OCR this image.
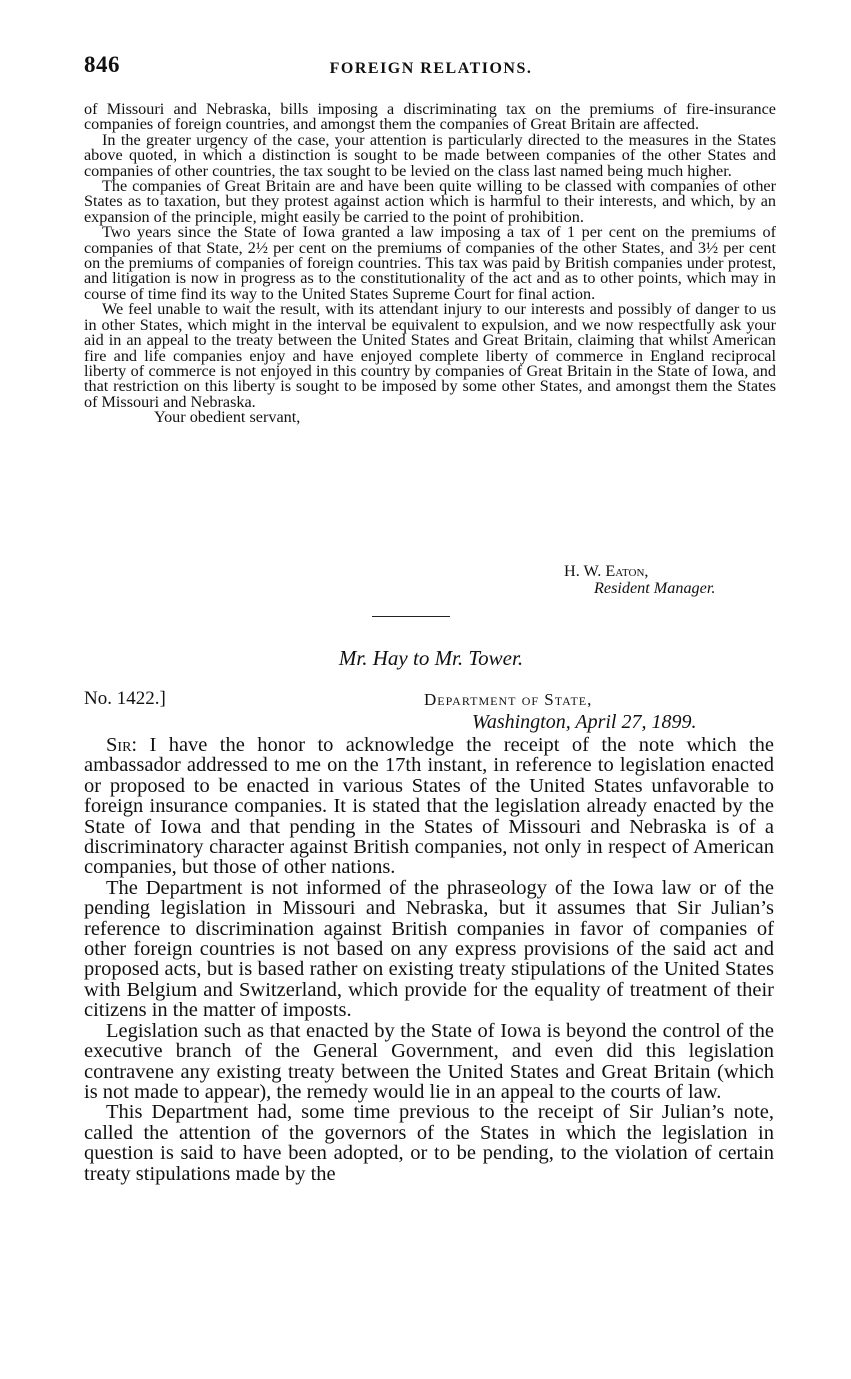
846	FOREIGN RELATIONS.

of Missouri and Nebraska, bills imposing a discriminating tax on the premiums of fire-insurance companies of foreign countries, and amongst them the companies of Great Britain are affected.

In the greater urgency of the case, your attention is particularly directed to the measures in the States above quoted, in which a distinction is sought to be made between companies of the other States and companies of other countries, the tax sought to be levied on the class last named being much higher.

The companies of Great Britain are and have been quite willing to be classed with companies of other States as to taxation, but they protest against action which is harmful to their interests, and which, by an expansion of the principle, might easily be carried to the point of prohibition.

Two years since the State of Iowa granted a law imposing a tax of 1 per cent on the premiums of companies of that State, 2½ per cent on the premiums of companies of the other States, and 3½ per cent on the premiums of companies of foreign countries. This tax was paid by British companies under protest, and litigation is now in progress as to the constitutionality of the act and as to other points, which may in course of time find its way to the United States Supreme Court for final action.

We feel unable to wait the result, with its attendant injury to our interests and possibly of danger to us in other States, which might in the interval be equivalent to expulsion, and we now respectfully ask your aid in an appeal to the treaty between the United States and Great Britain, claiming that whilst American fire and life companies enjoy and have enjoyed complete liberty of commerce in England reciprocal liberty of commerce is not enjoyed in this country by companies of Great Britain in the State of Iowa, and that restriction on this liberty is sought to be imposed by some other States, and amongst them the States of Missouri and Nebraska.

Your obedient servant,

H. W. Eaton,
Resident Manager.
Mr. Hay to Mr. Tower.
No. 1422.]	Department of State,
Washington, April 27, 1899.

Sir: I have the honor to acknowledge the receipt of the note which the ambassador addressed to me on the 17th instant, in reference to legislation enacted or proposed to be enacted in various States of the United States unfavorable to foreign insurance companies. It is stated that the legislation already enacted by the State of Iowa and that pending in the States of Missouri and Nebraska is of a discriminatory character against British companies, not only in respect of American companies, but those of other nations.

The Department is not informed of the phraseology of the Iowa law or of the pending legislation in Missouri and Nebraska, but it assumes that Sir Julian’s reference to discrimination against British companies in favor of companies of other foreign countries is not based on any express provisions of the said act and proposed acts, but is based rather on existing treaty stipulations of the United States with Belgium and Switzerland, which provide for the equality of treatment of their citizens in the matter of imposts.

Legislation such as that enacted by the State of Iowa is beyond the control of the executive branch of the General Government, and even did this legislation contravene any existing treaty between the United States and Great Britain (which is not made to appear), the remedy would lie in an appeal to the courts of law.

This Department had, some time previous to the receipt of Sir Julian’s note, called the attention of the governors of the States in which the legislation in question is said to have been adopted, or to be pending, to the violation of certain treaty stipulations made by the
